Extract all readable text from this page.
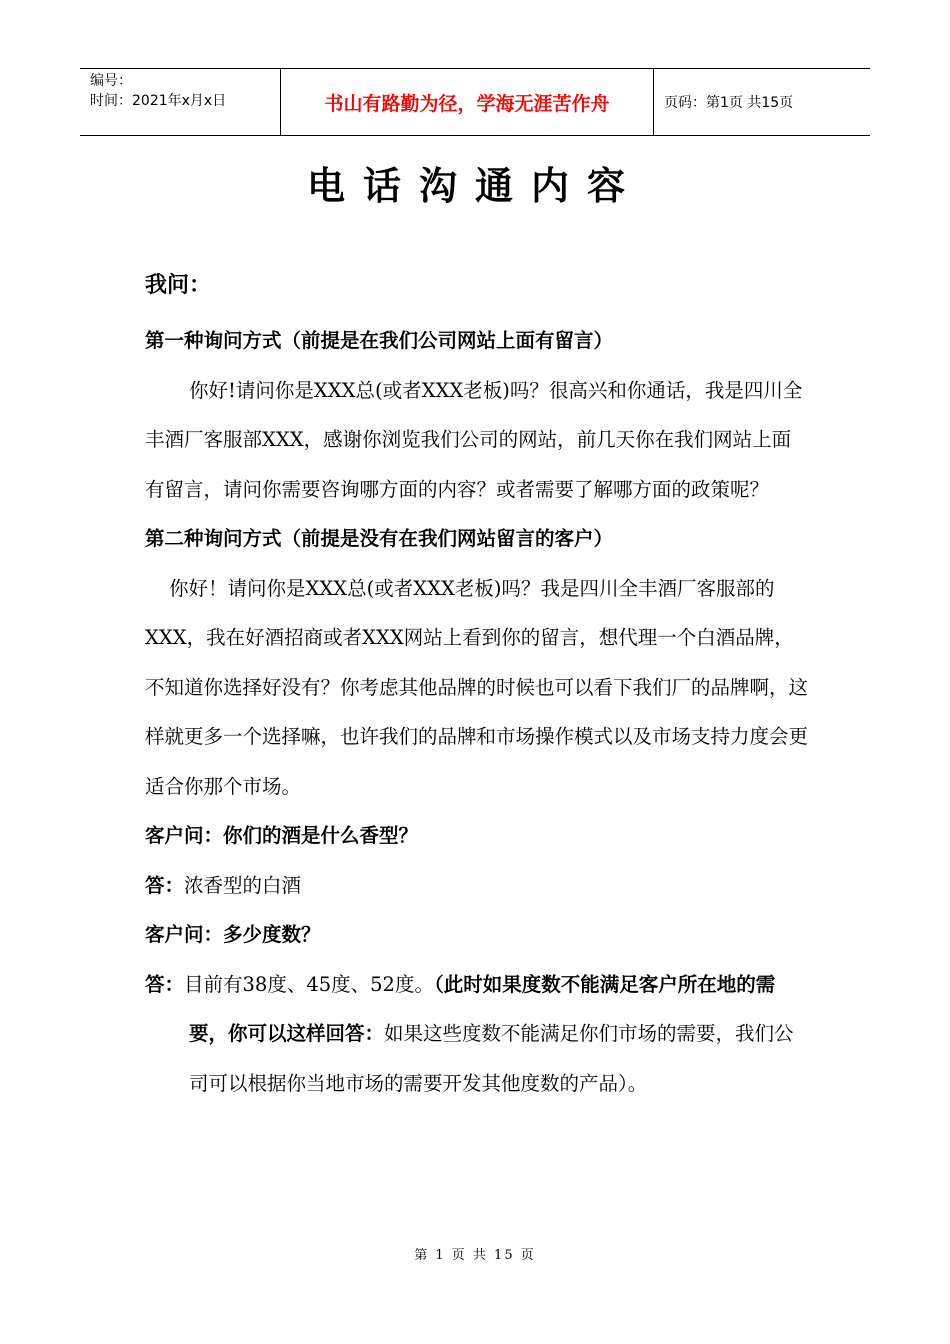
编号：
时间：2021年x月x日	书山有路勤为径，学海无涯苦作舟	页码：第1页 共15页
电话沟通内容

我问：

第一种询问方式（前提是在我们公司网站上面有留言）

你好!请问你是XXX总(或者XXX老板)吗？很高兴和你通话，我是四川全丰酒厂客服部XXX，感谢你浏览我们公司的网站，前几天你在我们网站上面有留言，请问你需要咨询哪方面的内容？或者需要了解哪方面的政策呢？

第二种询问方式（前提是没有在我们网站留言的客户）

你好！请问你是XXX总(或者XXX老板)吗？我是四川全丰酒厂客服部的XXX，我在好酒招商或者XXX网站上看到你的留言，想代理一个白酒品牌，不知道你选择好没有？你考虑其他品牌的时候也可以看下我们厂的品牌啊，这样就更多一个选择嘛，也许我们的品牌和市场操作模式以及市场支持力度会更适合你那个市场。

客户问：你们的酒是什么香型？

答：浓香型的白酒

客户问：多少度数？

答：目前有38度、45度、52度。（此时如果度数不能满足客户所在地的需要，你可以这样回答：如果这些度数不能满足你们市场的需要，我们公司可以根据你当地市场的需要开发其他度数的产品）。

第 1 页 共 15 页
